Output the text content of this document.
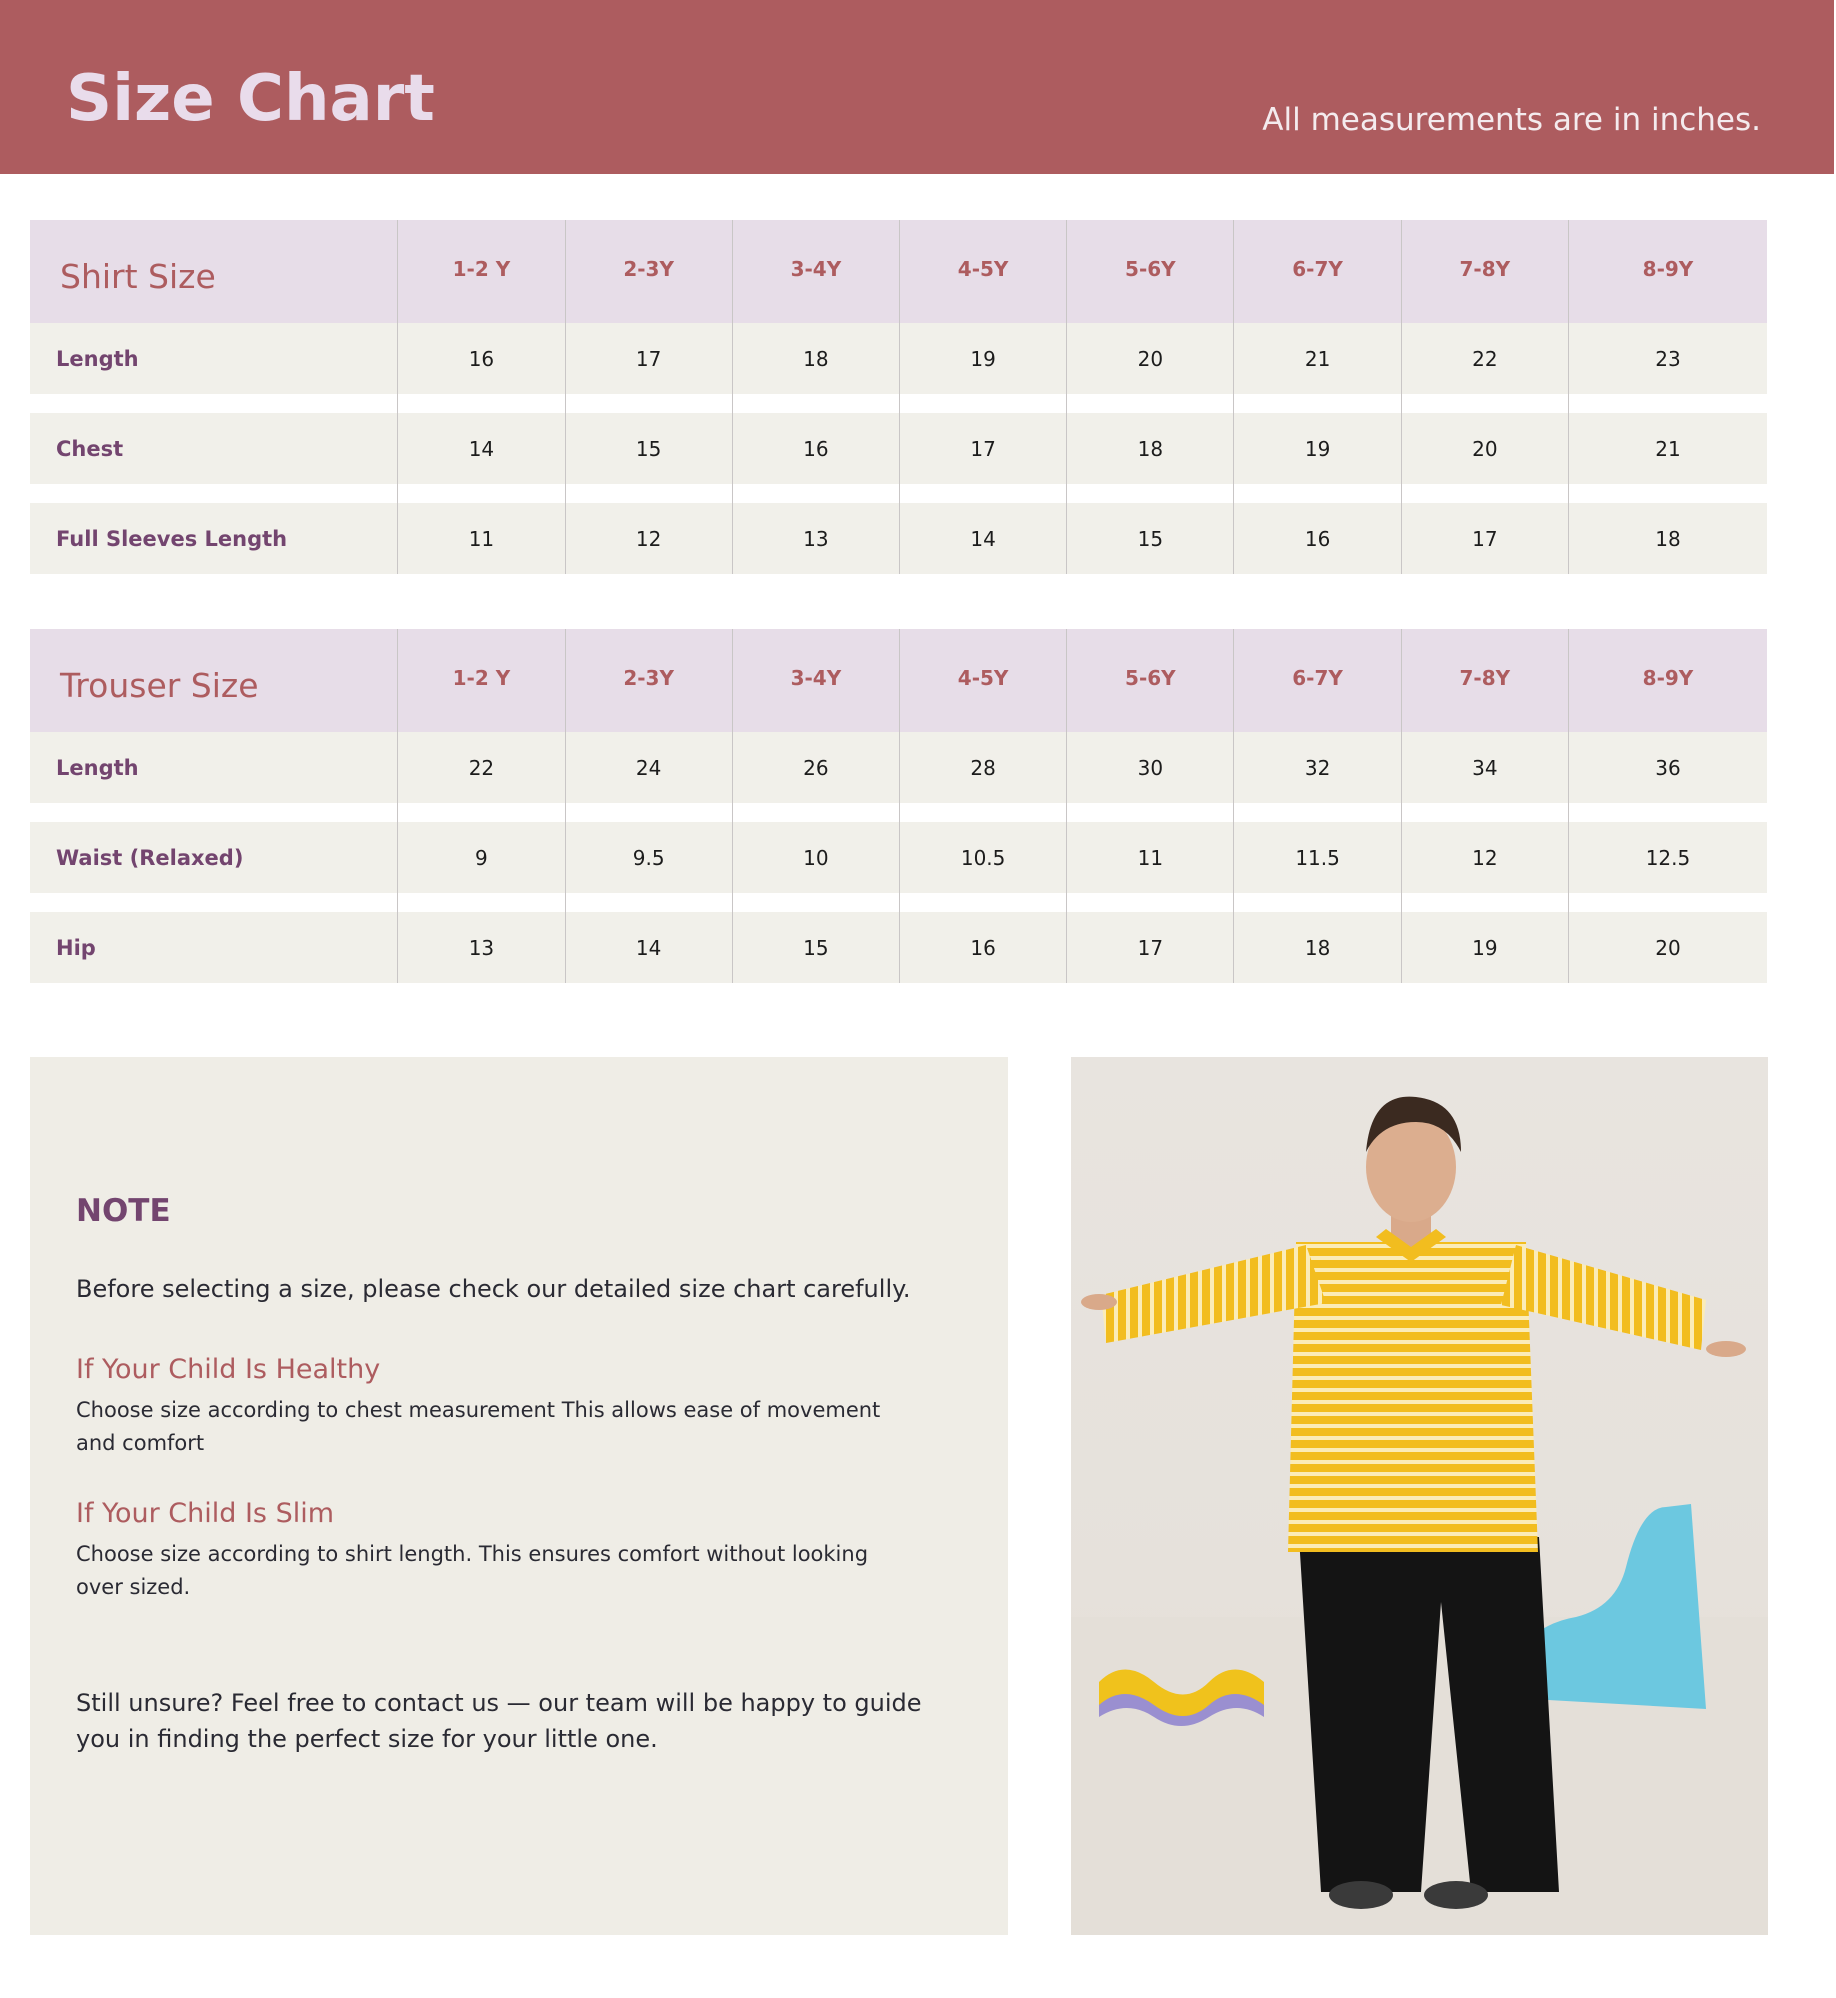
Size Chart	All measurements are in inches.
Shirt Size	1-2 Y	2-3Y	3-4Y	4-5Y	5-6Y	6-7Y	7-8Y	8-9Y
Length	16	17	18	19	20	21	22	23
Chest	14	15	16	17	18	19	20	21
Full Sleeves Length	11	12	13	14	15	16	17	18
Trouser Size	1-2 Y	2-3Y	3-4Y	4-5Y	5-6Y	6-7Y	7-8Y	8-9Y
Length	22	24	26	28	30	32	34	36
Waist (Relaxed)	9	9.5	10	10.5	11	11.5	12	12.5
Hip	13	14	15	16	17	18	19	20
NOTE
Before selecting a size, please check our detailed size chart carefully.
If Your Child Is Healthy
Choose size according to chest measurement This allows ease of movement and comfort
If Your Child Is Slim
Choose size according to shirt length. This ensures comfort without looking over sized.
Still unsure? Feel free to contact us — our team will be happy to guide you in finding the perfect size for your little one.
